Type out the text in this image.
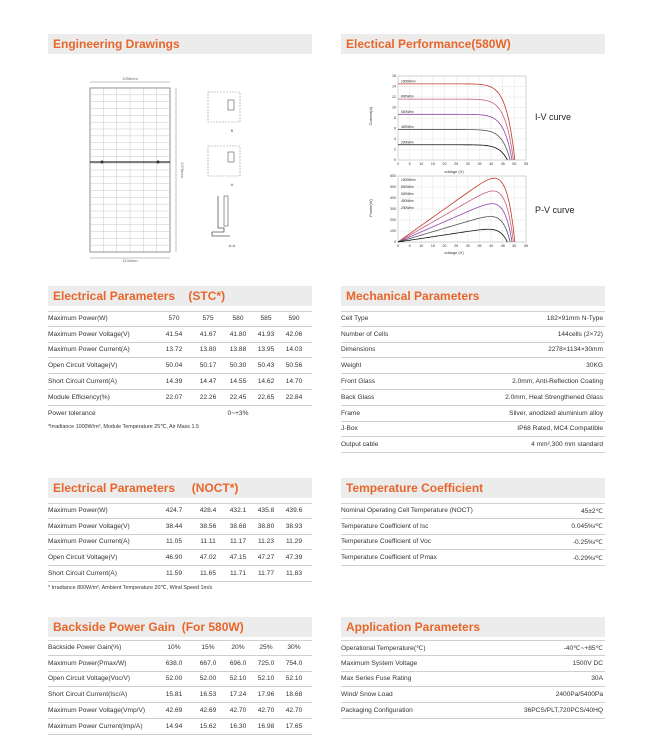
Engineering Drawings	Electical Performance(580W)
Electrical Parameters    (STC*)	Mechanical Parameters
Electrical Parameters     (NOCT*)	Temperature Coefficient
Backside Power Gain  (For 580W)	Application Parameters
1096mm
1134mm
2278mm
B
A
A-A
Current(A)
voltage (V)
0	5 10 15 20 25 30 35 40 45 50 55
0
2
4
6
8
10
12
14
16
1000W/m²
800W/m²
600W/m²
400W/m²
200W/m²
I-V curve
Power(W)
voltage (V)
0	5 10 15 20 25 30 35 40 45 50 55
0
100
200
300
400
500
600
1000W/m²
800W/m²
600W/m²
400W/m²
200W/m²	P-V curve
Maximum Power(W)	570	575	580	585	590
Maximum Power Voltage(V)	41.54	41.67	41.80	41.93	42.06
Maximum Power Current(A)	13.72	13.80	13.88	13.95	14.03
Open Circuit Voltage(V)	50.04	50.17	50.30	50.43	50.56
Short Circuit Current(A)	14.39	14.47	14.55	14.62	14.70
Module Efficiency(%)	22.07	22.26	22.45	22.65	22.84
Power tolerance	0~+3%
*Irradiance 1000W/m², Module Temperature 25℃, Air Mass 1.5
Maximum Power(W)	424.7	428.4	432.1	435.8	439.6
Maximum Power Voltage(V)	38.44	38.56	38.68	38.80	38.93
Maximum Power Current(A)	11.05	11.11	11.17	11.23	11.29
Open Circuit Voltage(V)	46.90	47.02	47.15	47.27	47.39
Short Circuit Current(A)	11.59	11.65	11.71	11.77	11.83
* Irradiance 800W/m², Ambient Temperature 20℃, Wind Speed 1m/s
Backside Power Gain(%)	10%	15%	20%	25%	30%
Maximum Power(Pmax/W)	638.0	667.0	696.0	725.0	754.0
Open Circuit Voltage(Voc/V)	52.00	52.00	52.10	52.10	52.10
Short Circuit Current(Isc/A)	15.81	16.53	17.24	17.96	18.68
Maximum Power Voltage(Vmp/V)	42.69	42.69	42.70	42.70	42.70
Maximum Power Current(Imp/A)	14.94	15.62	16.30	16.98	17.65
Cell Type	182×91mm N-Type
Number of Cells	144cells (2×72)
Dimensions	2278×1134×30mm
Weight	30KG
Front Glass	2.0mm, Anti-Reflection Coating
Back Glass	2.0mm, Heat Strengthened Glass
Frame	Silver, anodized aluminium alloy
J-Box	IP68 Rated, MC4 Compatible
Output cable	4 mm²,300 mm standard
Nominal Operating Cell Temperature (NOCT)	45±2℃
Temperature Coefficient of Isc	0.045%/℃
Temperature Coefficient of Voc	-0.25%/℃
Temperature Coefficient of Pmax	-0.29%/℃
Operational Temperature(℃)	-40℃~+85℃
Maximum System Voltage	1500V DC
Max Series Fuse Rating	30A
Wind/ Snow Load	2400Pa/5400Pa
Packaging Configuration	36PCS/PLT,720PCS/40HQ
